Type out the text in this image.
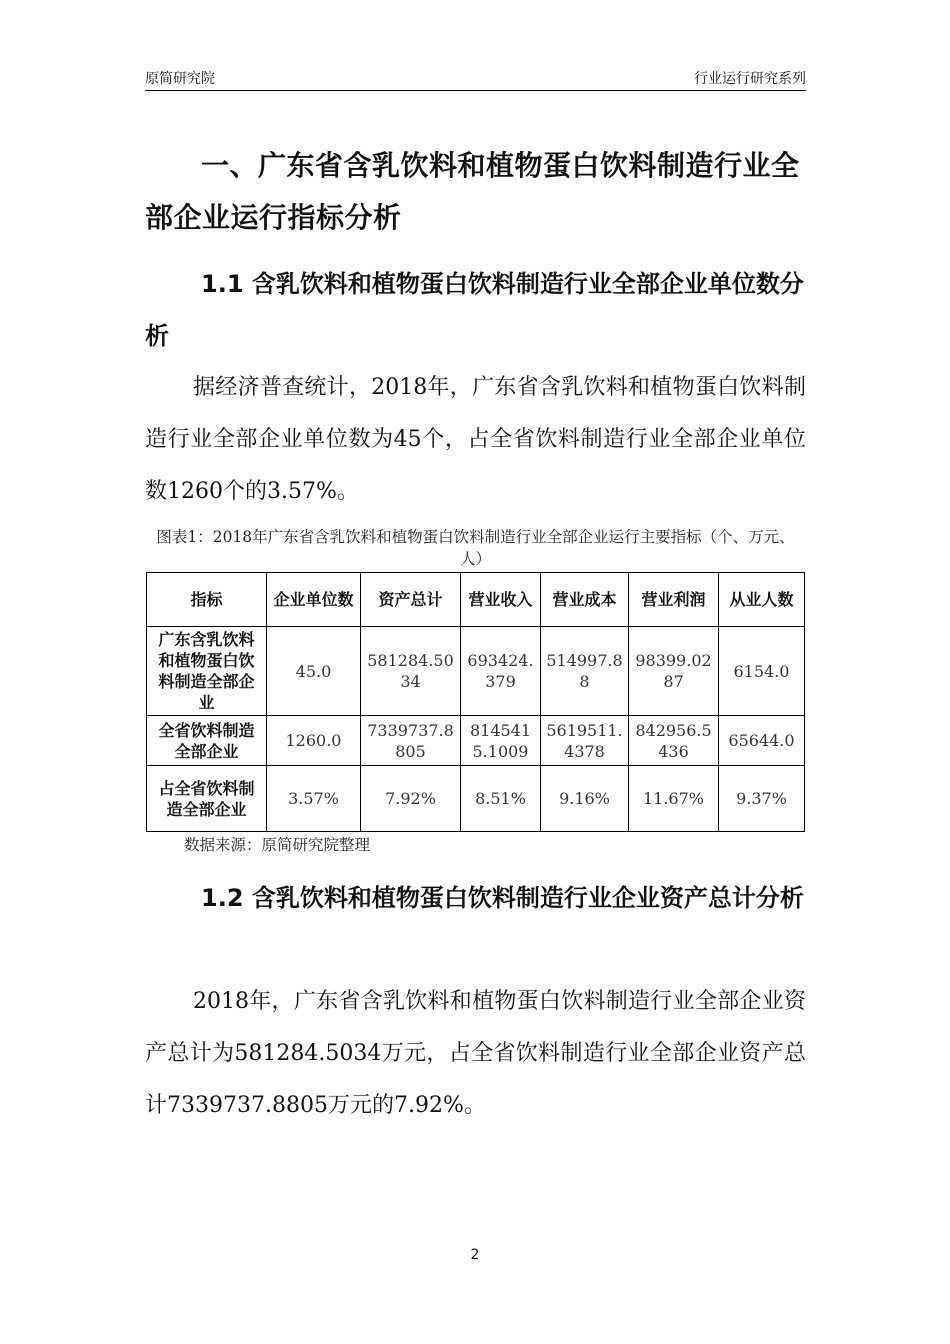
原简研究院	行业运行研究系列
一、广东省含乳饮料和植物蛋白饮料制造行业全部企业运行指标分析
1.1 含乳饮料和植物蛋白饮料制造行业全部企业单位数分析
据经济普查统计，2018年，广东省含乳饮料和植物蛋白饮料制造行业全部企业单位数为45个，占全省饮料制造行业全部企业单位数1260个的3.57%。
图表1：2018年广东省含乳饮料和植物蛋白饮料制造行业全部企业运行主要指标（个、万元、人）
指标	企业单位数	资产总计	营业收入	营业成本	营业利润	从业人数
广东含乳饮料和植物蛋白饮料制造全部企业	45.0	581284.5034	693424.379	514997.88	98399.0287	6154.0
全省饮料制造全部企业	1260.0	7339737.8805	8145415.1009	5619511.4378	842956.5436	65644.0
占全省饮料制造全部企业	3.57%	7.92%	8.51%	9.16%	11.67%	9.37%
数据来源：原简研究院整理
1.2 含乳饮料和植物蛋白饮料制造行业企业资产总计分析
2018年，广东省含乳饮料和植物蛋白饮料制造行业全部企业资产总计为581284.5034万元，占全省饮料制造行业全部企业资产总计7339737.8805万元的7.92%。
2
